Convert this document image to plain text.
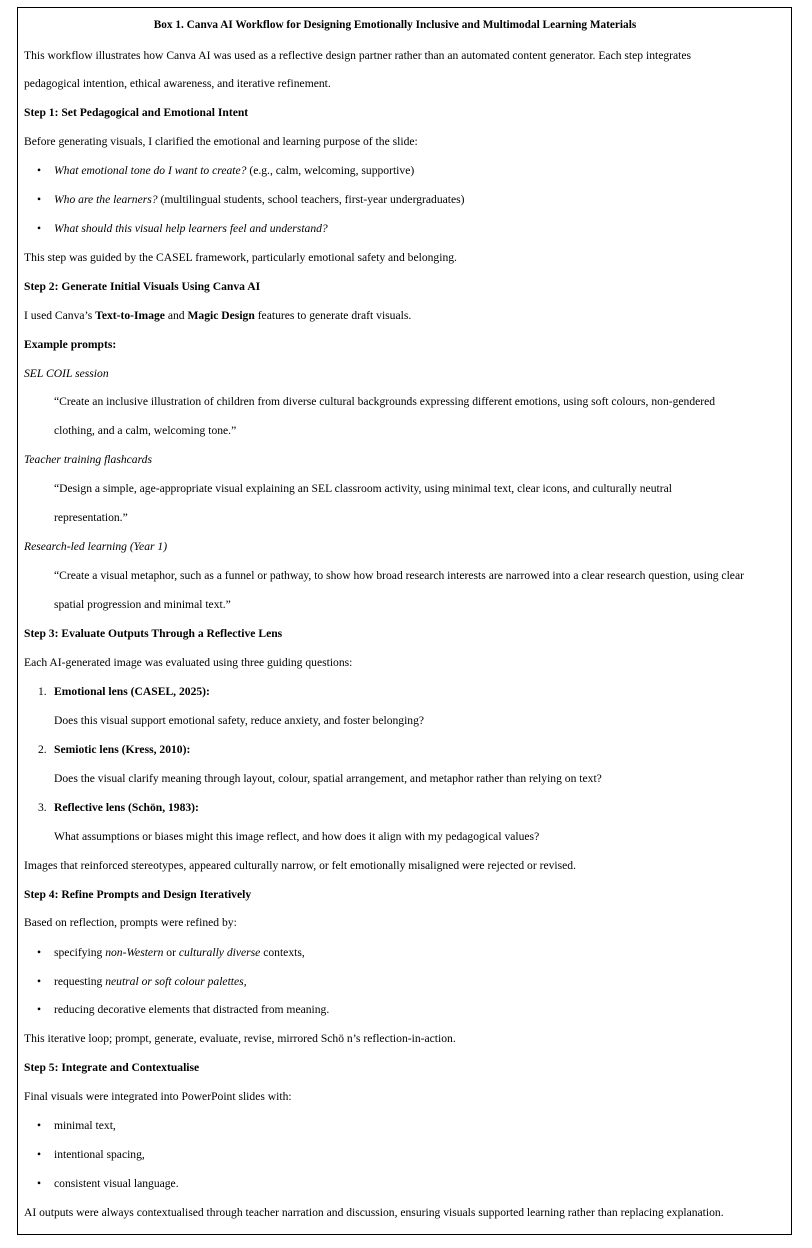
Box 1. Canva AI Workflow for Designing Emotionally Inclusive and Multimodal Learning Materials

This workflow illustrates how Canva AI was used as a reflective design partner rather than an automated content generator. Each step integrates

pedagogical intention, ethical awareness, and iterative refinement.

Step 1: Set Pedagogical and Emotional Intent

Before generating visuals, I clarified the emotional and learning purpose of the slide:

• What emotional tone do I want to create? (e.g., calm, welcoming, supportive)

• Who are the learners? (multilingual students, school teachers, first-year undergraduates)

• What should this visual help learners feel and understand?

This step was guided by the CASEL framework, particularly emotional safety and belonging.

Step 2: Generate Initial Visuals Using Canva AI

I used Canva’s Text-to-Image and Magic Design features to generate draft visuals.

Example prompts:

SEL COIL session

“Create an inclusive illustration of children from diverse cultural backgrounds expressing different emotions, using soft colours, non-gendered

clothing, and a calm, welcoming tone.”

Teacher training flashcards

“Design a simple, age-appropriate visual explaining an SEL classroom activity, using minimal text, clear icons, and culturally neutral

representation.”

Research-led learning (Year 1)

“Create a visual metaphor, such as a funnel or pathway, to show how broad research interests are narrowed into a clear research question, using clear

spatial progression and minimal text.”

Step 3: Evaluate Outputs Through a Reflective Lens

Each AI-generated image was evaluated using three guiding questions:

1. Emotional lens (CASEL, 2025):

Does this visual support emotional safety, reduce anxiety, and foster belonging?

2. Semiotic lens (Kress, 2010):

Does the visual clarify meaning through layout, colour, spatial arrangement, and metaphor rather than relying on text?

3. Reflective lens (Schön, 1983):

What assumptions or biases might this image reflect, and how does it align with my pedagogical values?

Images that reinforced stereotypes, appeared culturally narrow, or felt emotionally misaligned were rejected or revised.

Step 4: Refine Prompts and Design Iteratively

Based on reflection, prompts were refined by:

• specifying non-Western or culturally diverse contexts,

• requesting neutral or soft colour palettes,

• reducing decorative elements that distracted from meaning.

This iterative loop; prompt, generate, evaluate, revise, mirrored Schö n’s reflection-in-action.

Step 5: Integrate and Contextualise

Final visuals were integrated into PowerPoint slides with:

• minimal text,

• intentional spacing,

• consistent visual language.

AI outputs were always contextualised through teacher narration and discussion, ensuring visuals supported learning rather than replacing explanation.
